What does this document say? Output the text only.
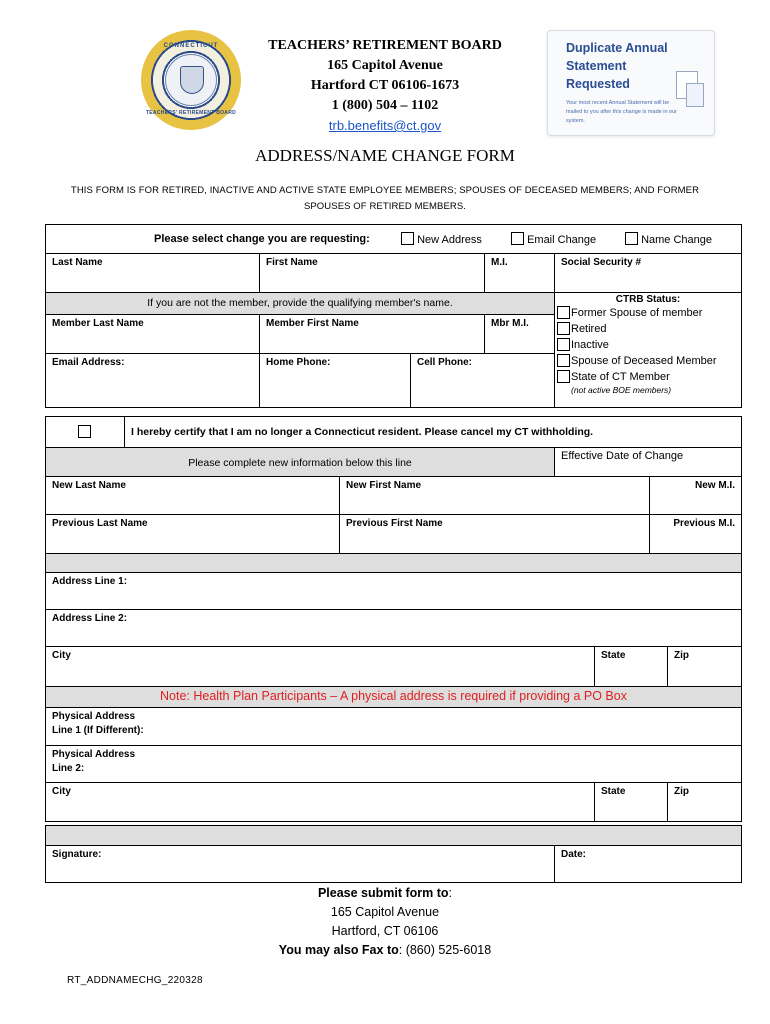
CONNECTICUT
TEACHERS' RETIREMENT BOARD
TEACHERS’ RETIREMENT BOARD
165 Capitol Avenue
Hartford CT 06106-1673
1 (800) 504 – 1102
trb.benefits@ct.gov
Duplicate Annual Statement Requested
Your most recent Annual Statement will be mailed to you after this change is made in our system.
ADDRESS/NAME CHANGE FORM
THIS FORM IS FOR RETIRED, INACTIVE AND ACTIVE STATE EMPLOYEE MEMBERS; SPOUSES OF DECEASED MEMBERS; AND FORMER SPOUSES OF RETIRED MEMBERS.
Please select change you are requesting:	New Address	Email Change	Name Change
Last Name	First Name	M.I.	Social Security #
If you are not the member, provide the qualifying member's name.
Member Last Name	Member First Name	Mbr M.I.
Email Address:	Home Phone:	Cell Phone:
CTRB Status:
Former Spouse of member
Retired
Inactive
Spouse of Deceased Member
State of CT Member
(not active BOE members)
I hereby certify that I am no longer a Connecticut resident. Please cancel my CT withholding.
Please complete new information below this line
Effective Date of Change
New Last Name	New First Name	New M.I.
Previous Last Name	Previous First Name	Previous M.I.
Address Line 1:
Address Line 2:
City	State	Zip
Note: Health Plan Participants – A physical address is required if providing a PO Box
Physical Address
Line 1 (If Different):
Physical Address
Line 2:
City	State	Zip
Signature:	Date:
Please submit form to:
165 Capitol Avenue
Hartford, CT 06106
You may also Fax to: (860) 525-6018
RT_ADDNAMECHG_220328
